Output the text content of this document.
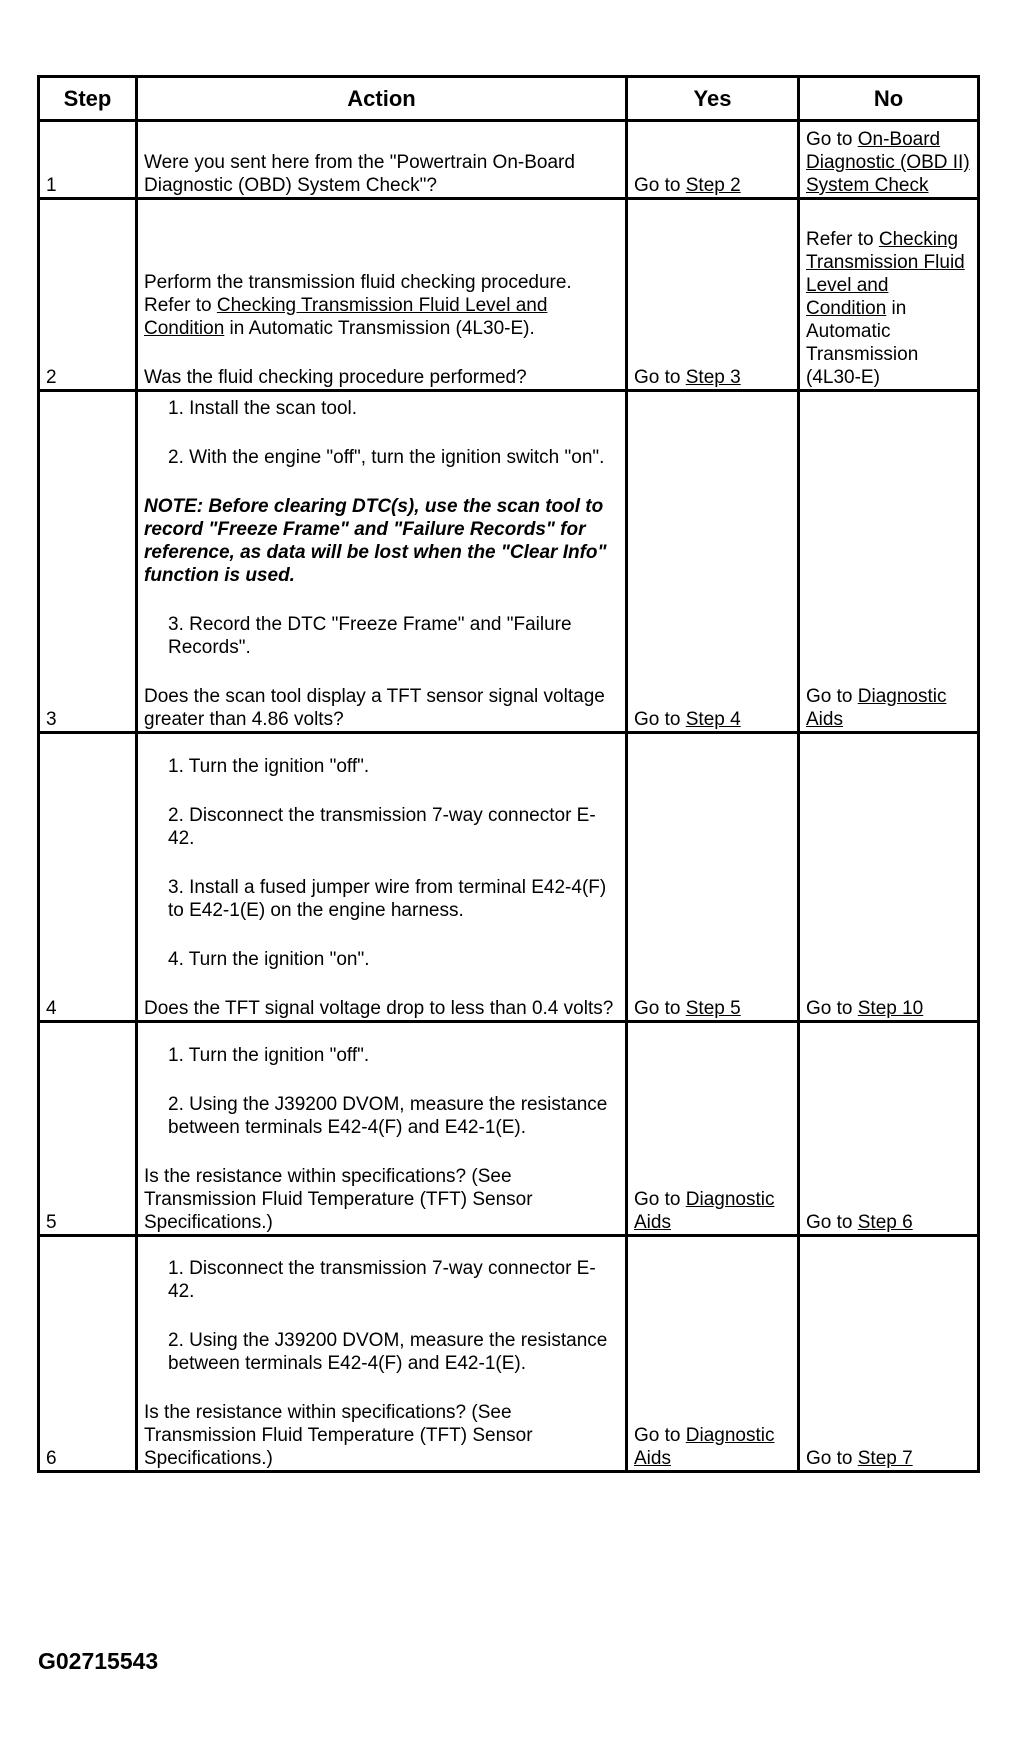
Step	Action	Yes	No
1	Were you sent here from the "Powertrain On-Board Diagnostic (OBD) System Check"?	Go to Step 2	Go to On-Board Diagnostic (OBD II) System Check
2	Perform the transmission fluid checking procedure. Refer to Checking Transmission Fluid Level and Condition in Automatic Transmission (4L30-E).
Was the fluid checking procedure performed?	Go to Step 3	Refer to Checking Transmission Fluid Level and Condition in Automatic Transmission (4L30-E)
3	1. Install the scan tool.
2. With the engine "off", turn the ignition switch "on".
NOTE: Before clearing DTC(s), use the scan tool to record "Freeze Frame" and "Failure Records" for reference, as data will be lost when the "Clear Info" function is used.
3. Record the DTC "Freeze Frame" and "Failure Records".
Does the scan tool display a TFT sensor signal voltage greater than 4.86 volts?	Go to Step 4	Go to Diagnostic Aids
4	1. Turn the ignition "off".
2. Disconnect the transmission 7-way connector E-42.
3. Install a fused jumper wire from terminal E42-4(F) to E42-1(E) on the engine harness.
4. Turn the ignition "on".
Does the TFT signal voltage drop to less than 0.4 volts?	Go to Step 5	Go to Step 10
5	1. Turn the ignition "off".
2. Using the J39200 DVOM, measure the resistance between terminals E42-4(F) and E42-1(E).
Is the resistance within specifications? (See Transmission Fluid Temperature (TFT) Sensor Specifications.)	Go to Diagnostic Aids	Go to Step 6
6	1. Disconnect the transmission 7-way connector E-42.
2. Using the J39200 DVOM, measure the resistance between terminals E42-4(F) and E42-1(E).
Is the resistance within specifications? (See Transmission Fluid Temperature (TFT) Sensor Specifications.)	Go to Diagnostic Aids	Go to Step 7
G02715543
